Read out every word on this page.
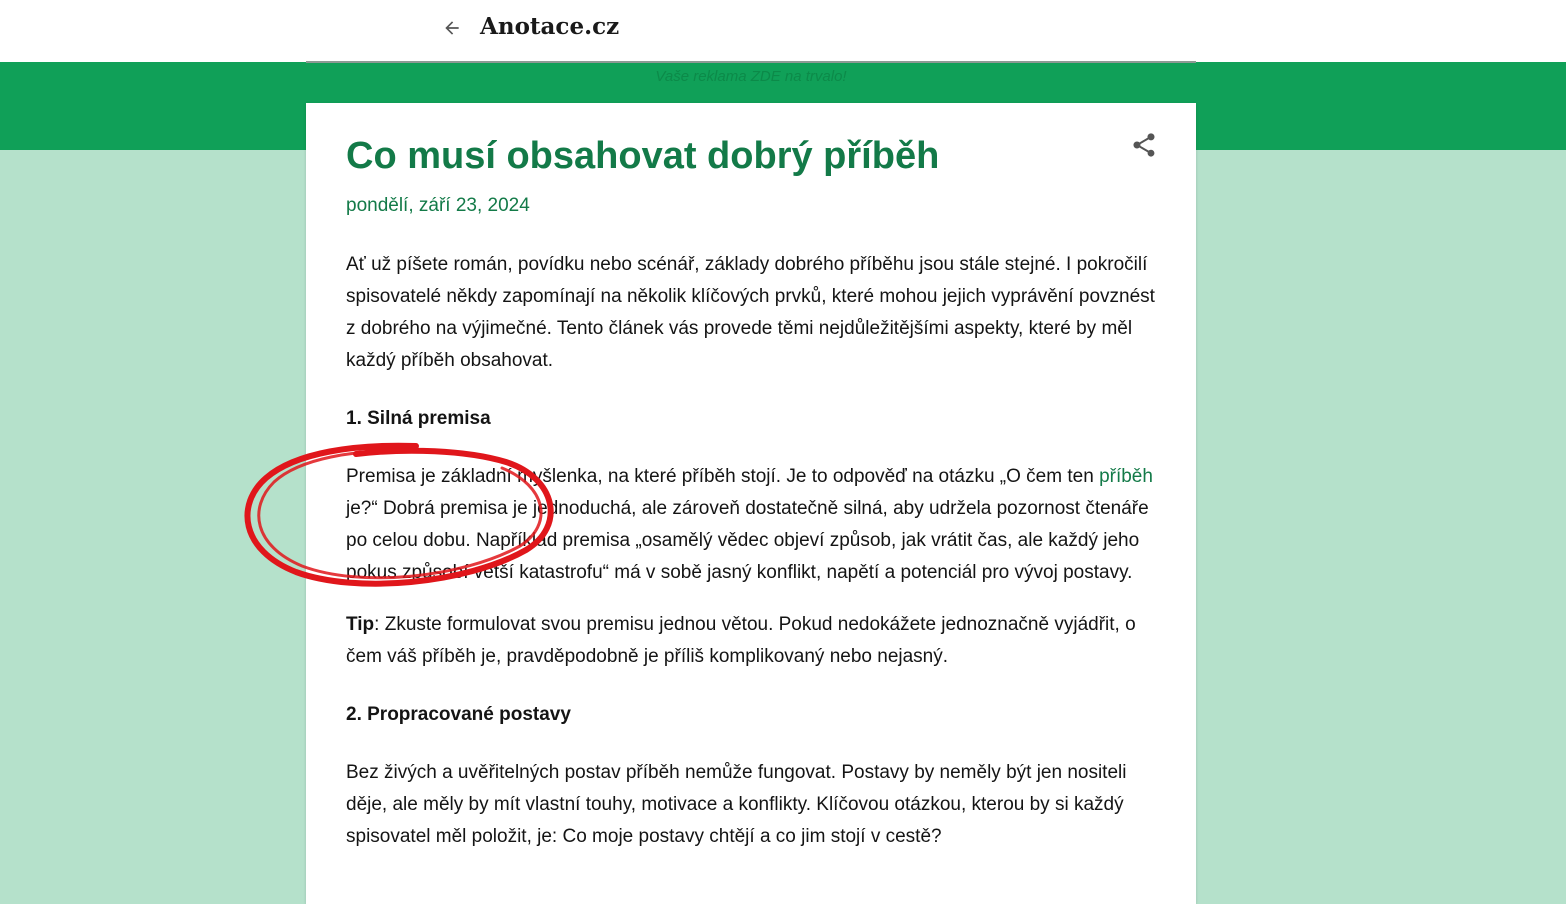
Anotace.cz
Vaše reklama ZDE na trvalo!
Co musí obsahovat dobrý příběh
pondělí, září 23, 2024

Ať už píšete román, povídku nebo scénář, základy dobrého příběhu jsou stále stejné. I pokročilí spisovatelé někdy zapomínají na několik klíčových prvků, které mohou jejich vyprávění povznést z dobrého na výjimečné. Tento článek vás provede těmi nejdůležitějšími aspekty, které by měl každý příběh obsahovat.

1. Silná premisa

Premisa je základní myšlenka, na které příběh stojí. Je to odpověď na otázku „O čem ten příběh je?“ Dobrá premisa je jednoduchá, ale zároveň dostatečně silná, aby udržela pozornost čtenáře po celou dobu. Například premisa „osamělý vědec objeví způsob, jak vrátit čas, ale každý jeho pokus způsobí větší katastrofu“ má v sobě jasný konflikt, napětí a potenciál pro vývoj postavy.

Tip: Zkuste formulovat svou premisu jednou větou. Pokud nedokážete jednoznačně vyjádřit, o čem váš příběh je, pravděpodobně je příliš komplikovaný nebo nejasný.

2. Propracované postavy

Bez živých a uvěřitelných postav příběh nemůže fungovat. Postavy by neměly být jen nositeli děje, ale měly by mít vlastní touhy, motivace a konflikty. Klíčovou otázkou, kterou by si každý spisovatel měl položit, je: Co moje postavy chtějí a co jim stojí v cestě?
